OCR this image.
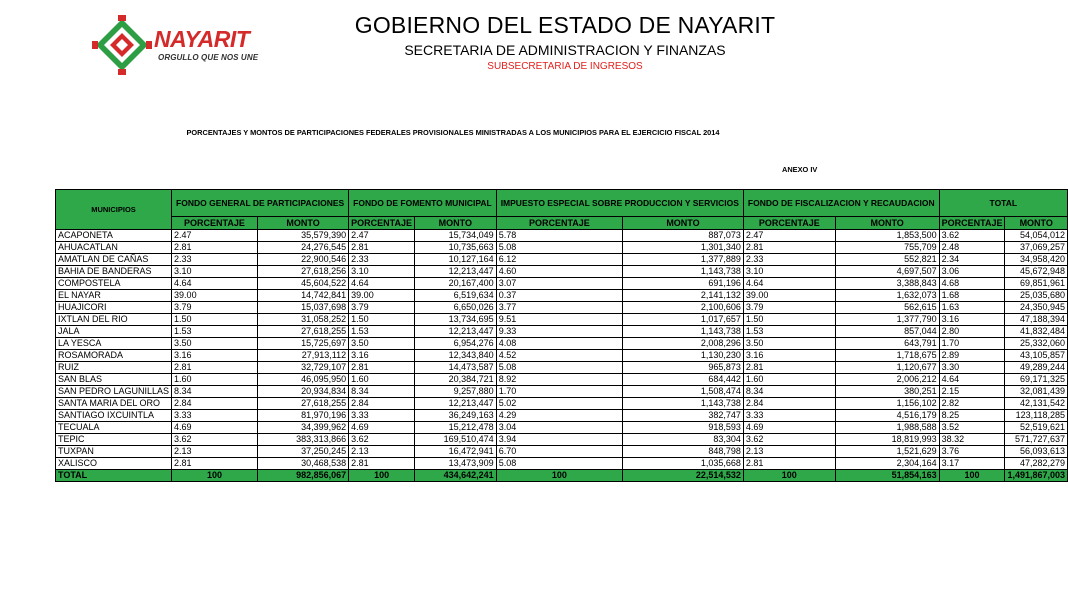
NAYARIT
ORGULLO QUE NOS UNE
GOBIERNO DEL ESTADO DE NAYARIT
SECRETARIA DE ADMINISTRACION Y FINANZAS
SUBSECRETARIA DE INGRESOS
PORCENTAJES Y MONTOS DE PARTICIPACIONES FEDERALES PROVISIONALES MINISTRADAS A LOS MUNICIPIOS PARA EL EJERCICIO FISCAL 2014
ANEXO IV
MUNICIPIOS	FONDO GENERAL DE PARTICIPACIONES		FONDO DE FOMENTO MUNICIPAL		IMPUESTO ESPECIAL SOBRE PRODUCCION Y SERVICIOS		FONDO DE FISCALIZACION Y RECAUDACION		TOTAL	
	PORCENTAJE	MONTO	PORCENTAJE	MONTO	PORCENTAJE	MONTO	PORCENTAJE	MONTO	PORCENTAJE	MONTO
ACAPONETA	2.47	35,579,390	2.47	15,734,049	5.78	887,073	2.47	1,853,500	3.62	54,054,012
AHUACATLAN	2.81	24,276,545	2.81	10,735,663	5.08	1,301,340	2.81	755,709	2.48	37,069,257
AMATLAN DE CAÑAS	2.33	22,900,546	2.33	10,127,164	6.12	1,377,889	2.33	552,821	2.34	34,958,420
BAHIA DE BANDERAS	3.10	27,618,256	3.10	12,213,447	4.60	1,143,738	3.10	4,697,507	3.06	45,672,948
COMPOSTELA	4.64	45,604,522	4.64	20,167,400	3.07	691,196	4.64	3,388,843	4.68	69,851,961
EL NAYAR	39.00	14,742,841	39.00	6,519,634	0.37	2,141,132	39.00	1,632,073	1.68	25,035,680
HUAJICORI	3.79	15,037,698	3.79	6,650,026	3.77	2,100,606	3.79	562,615	1.63	24,350,945
IXTLAN DEL RIO	1.50	31,058,252	1.50	13,734,695	9.51	1,017,657	1.50	1,377,790	3.16	47,188,394
JALA	1.53	27,618,255	1.53	12,213,447	9.33	1,143,738	1.53	857,044	2.80	41,832,484
LA YESCA	3.50	15,725,697	3.50	6,954,276	4.08	2,008,296	3.50	643,791	1.70	25,332,060
ROSAMORADA	3.16	27,913,112	3.16	12,343,840	4.52	1,130,230	3.16	1,718,675	2.89	43,105,857
RUIZ	2.81	32,729,107	2.81	14,473,587	5.08	965,873	2.81	1,120,677	3.30	49,289,244
SAN BLAS	1.60	46,095,950	1.60	20,384,721	8.92	684,442	1.60	2,006,212	4.64	69,171,325
SAN PEDRO LAGUNILLAS	8.34	20,934,834	8.34	9,257,880	1.70	1,508,474	8.34	380,251	2.15	32,081,439
SANTA MARIA DEL ORO	2.84	27,618,255	2.84	12,213,447	5.02	1,143,738	2.84	1,156,102	2.82	42,131,542
SANTIAGO IXCUINTLA	3.33	81,970,196	3.33	36,249,163	4.29	382,747	3.33	4,516,179	8.25	123,118,285
TECUALA	4.69	34,399,962	4.69	15,212,478	3.04	918,593	4.69	1,988,588	3.52	52,519,621
TEPIC	3.62	383,313,866	3.62	169,510,474	3.94	83,304	3.62	18,819,993	38.32	571,727,637
TUXPAN	2.13	37,250,245	2.13	16,472,941	6.70	848,798	2.13	1,521,629	3.76	56,093,613
XALISCO	2.81	30,468,538	2.81	13,473,909	5.08	1,035,668	2.81	2,304,164	3.17	47,282,279
TOTAL	100	982,856,067	100	434,642,241	100	22,514,532	100	51,854,163	100	1,491,867,003
